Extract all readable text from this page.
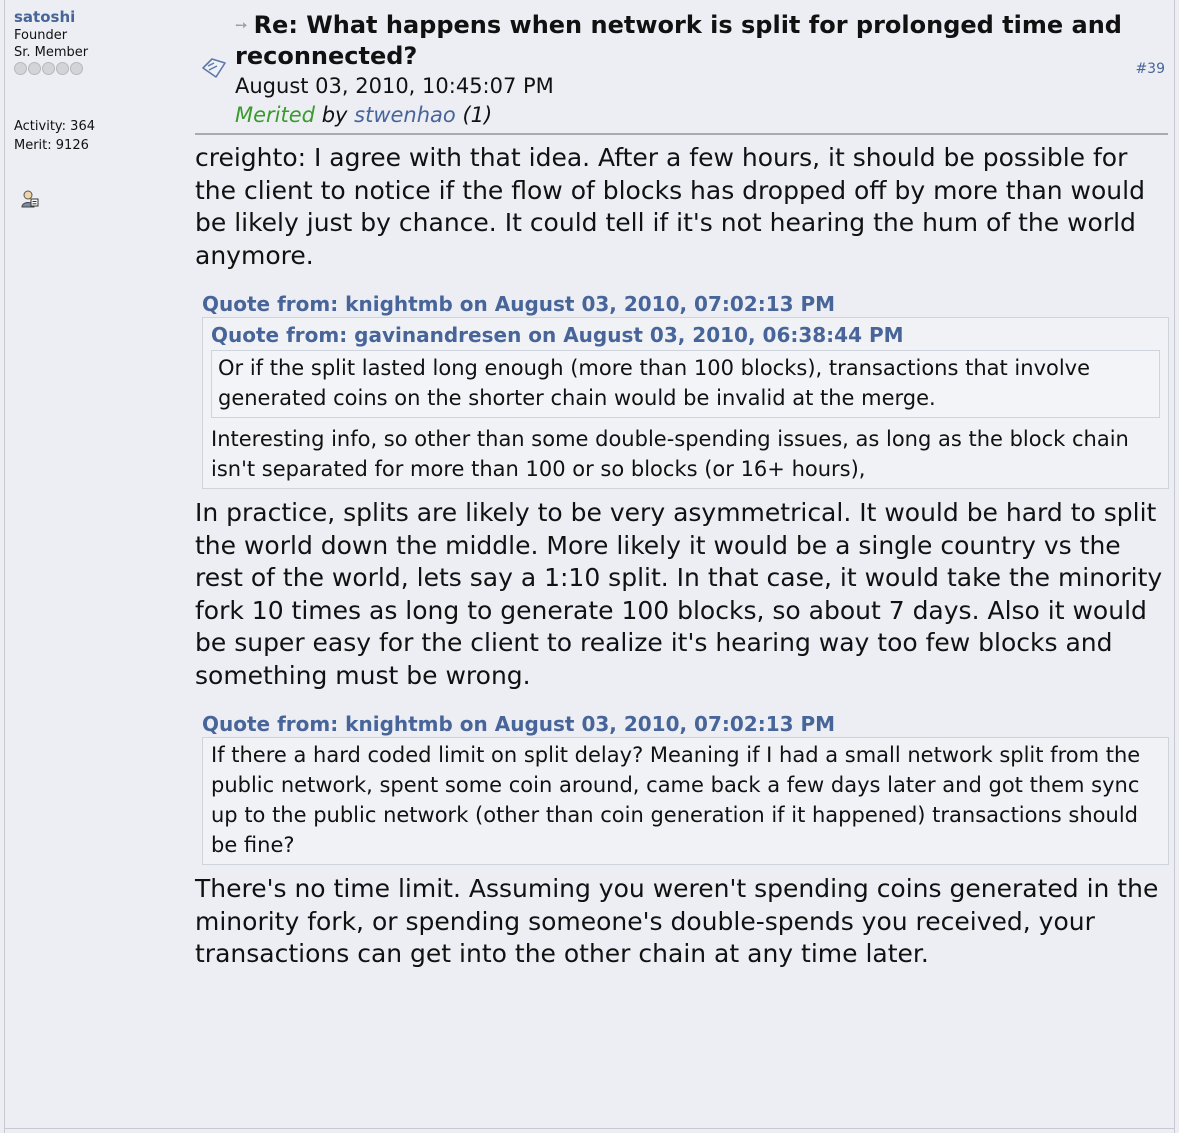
satoshi
Founder
Sr. Member
Activity: 364
Merit: 9126
➙ Re: What happens when network is split for prolonged time and reconnected?
August 03, 2010, 10:45:07 PM
Merited by stwenhao (1)
#39

creighto: I agree with that idea. After a few hours, it should be possible for the client to notice if the flow of blocks has dropped off by more than would be likely just by chance. It could tell if it's not hearing the hum of the world anymore.

Quote from: knightmb on August 03, 2010, 07:02:13 PM
Quote from: gavinandresen on August 03, 2010, 06:38:44 PM
Or if the split lasted long enough (more than 100 blocks), transactions that involve generated coins on the shorter chain would be invalid at the merge.
Interesting info, so other than some double-spending issues, as long as the block chain isn't separated for more than 100 or so blocks (or 16+ hours),

In practice, splits are likely to be very asymmetrical. It would be hard to split the world down the middle. More likely it would be a single country vs the rest of the world, lets say a 1:10 split. In that case, it would take the minority fork 10 times as long to generate 100 blocks, so about 7 days. Also it would be super easy for the client to realize it's hearing way too few blocks and something must be wrong.

Quote from: knightmb on August 03, 2010, 07:02:13 PM
If there a hard coded limit on split delay? Meaning if I had a small network split from the public network, spent some coin around, came back a few days later and got them sync up to the public network (other than coin generation if it happened) transactions should be fine?

There's no time limit. Assuming you weren't spending coins generated in the minority fork, or spending someone's double-spends you received, your transactions can get into the other chain at any time later.
